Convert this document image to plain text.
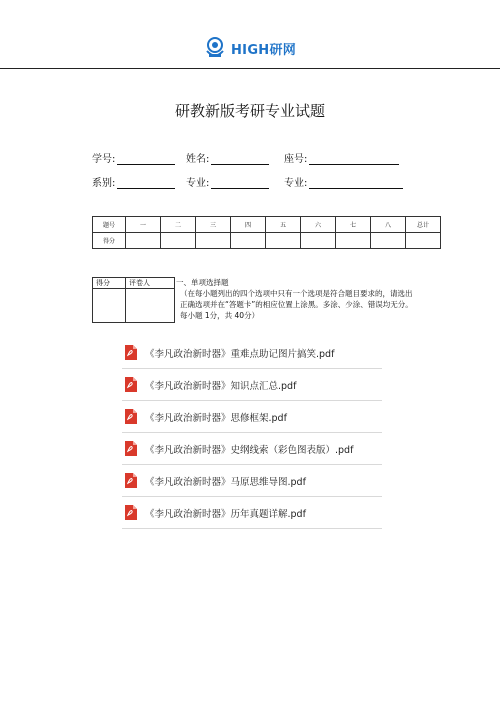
HIGH研网
研教新版考研专业试题
学号:	姓名:	座号:
系别:	专业:	专业:
题号	一	二	三	四	五	六	七	八	总计
得分									
得分	评卷人
		一、单项选择题
（在每小题列出的四个选项中只有一个选项是符合题目要求的，请选出正确选项并在“答题卡”的相应位置上涂黑。多涂、少涂、错误均无分。每小题 1分，共 40分）
《李凡政治新时器》重难点助记图片搞笑.pdf
《李凡政治新时器》知识点汇总.pdf
《李凡政治新时器》思修框架.pdf
《李凡政治新时器》史纲线索（彩色图表版）.pdf
《李凡政治新时器》马原思维导图.pdf
《李凡政治新时器》历年真题详解.pdf
